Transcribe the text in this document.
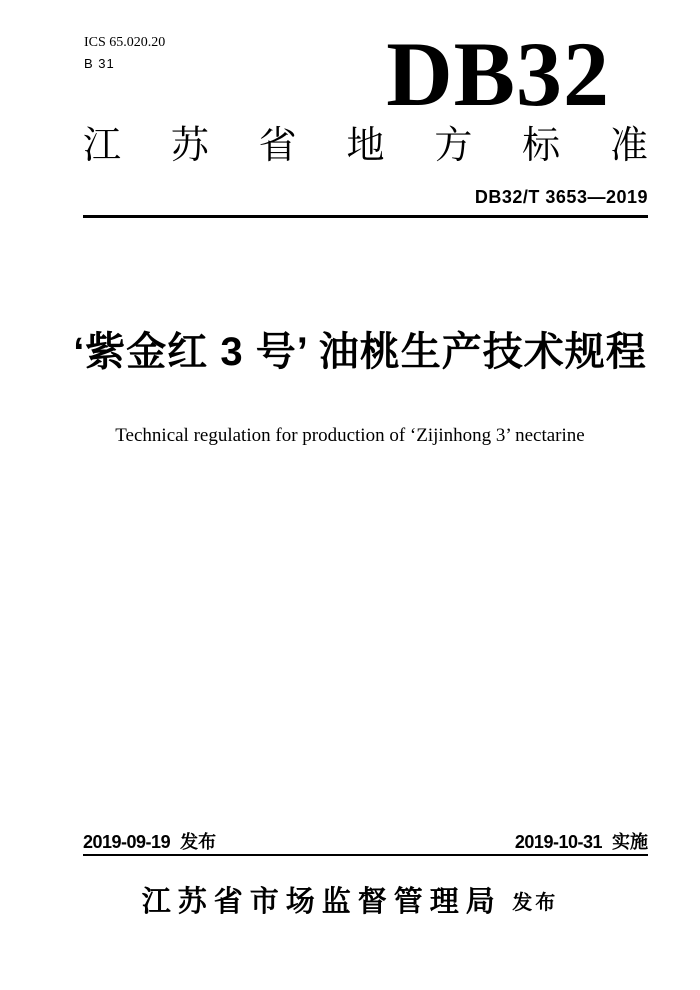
ICS 65.020.20
B 31	DB32
江 苏 省 地 方 标 准
DB32/T 3653—2019
‘紫金红 3 号’ 油桃生产技术规程
Technical regulation for production of ‘Zijinhong 3’ nectarine
2019-09-19 发布	2019-10-31 实施
江苏省市场监督管理局 发布
